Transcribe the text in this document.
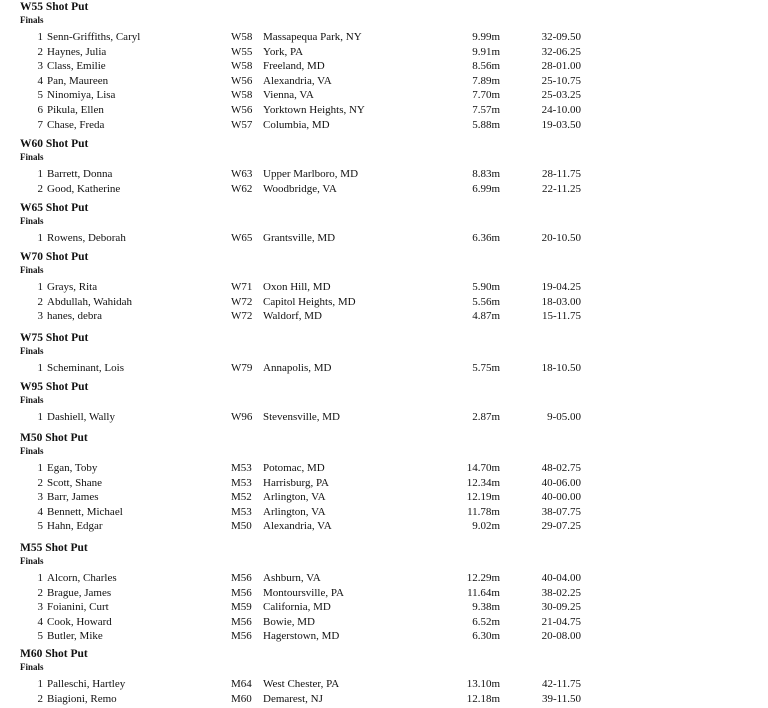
W55 Shot Put
Finals
1 Senn-Griffiths, Caryl	W58 Massapequa Park, NY	9.99m	32-09.50
2 Haynes, Julia	W55 York, PA	9.91m	32-06.25
3 Class, Emilie	W58 Freeland, MD	8.56m	28-01.00
4 Pan, Maureen	W56 Alexandria, VA	7.89m	25-10.75
5 Ninomiya, Lisa	W58 Vienna, VA	7.70m	25-03.25
6 Pikula, Ellen	W56 Yorktown Heights, NY	7.57m	24-10.00
7 Chase, Freda	W57 Columbia, MD	5.88m	19-03.50
W60 Shot Put
Finals
1 Barrett, Donna	W63 Upper Marlboro, MD	8.83m	28-11.75
2 Good, Katherine	W62 Woodbridge, VA	6.99m	22-11.25
W65 Shot Put
Finals
1 Rowens, Deborah	W65 Grantsville, MD	6.36m	20-10.50
W70 Shot Put
Finals
1 Grays, Rita	W71 Oxon Hill, MD	5.90m	19-04.25
2 Abdullah, Wahidah	W72 Capitol Heights, MD	5.56m	18-03.00
3 hanes, debra	W72 Waldorf, MD	4.87m	15-11.75
W75 Shot Put
Finals
1 Scheminant, Lois	W79 Annapolis, MD	5.75m	18-10.50
W95 Shot Put
Finals
1 Dashiell, Wally	W96 Stevensville, MD	2.87m	9-05.00
M50 Shot Put
Finals
1 Egan, Toby	M53 Potomac, MD	14.70m	48-02.75
2 Scott, Shane	M53 Harrisburg, PA	12.34m	40-06.00
3 Barr, James	M52 Arlington, VA	12.19m	40-00.00
4 Bennett, Michael	M53 Arlington, VA	11.78m	38-07.75
5 Hahn, Edgar	M50 Alexandria, VA	9.02m	29-07.25
M55 Shot Put
Finals
1 Alcorn, Charles	M56 Ashburn, VA	12.29m	40-04.00
2 Brague, James	M56 Montoursville, PA	11.64m	38-02.25
3 Foianini, Curt	M59 California, MD	9.38m	30-09.25
4 Cook, Howard	M56 Bowie, MD	6.52m	21-04.75
5 Butler, Mike	M56 Hagerstown, MD	6.30m	20-08.00
M60 Shot Put
Finals
1 Palleschi, Hartley	M64 West Chester, PA	13.10m	42-11.75
2 Biagioni, Remo	M60 Demarest, NJ	12.18m	39-11.50
